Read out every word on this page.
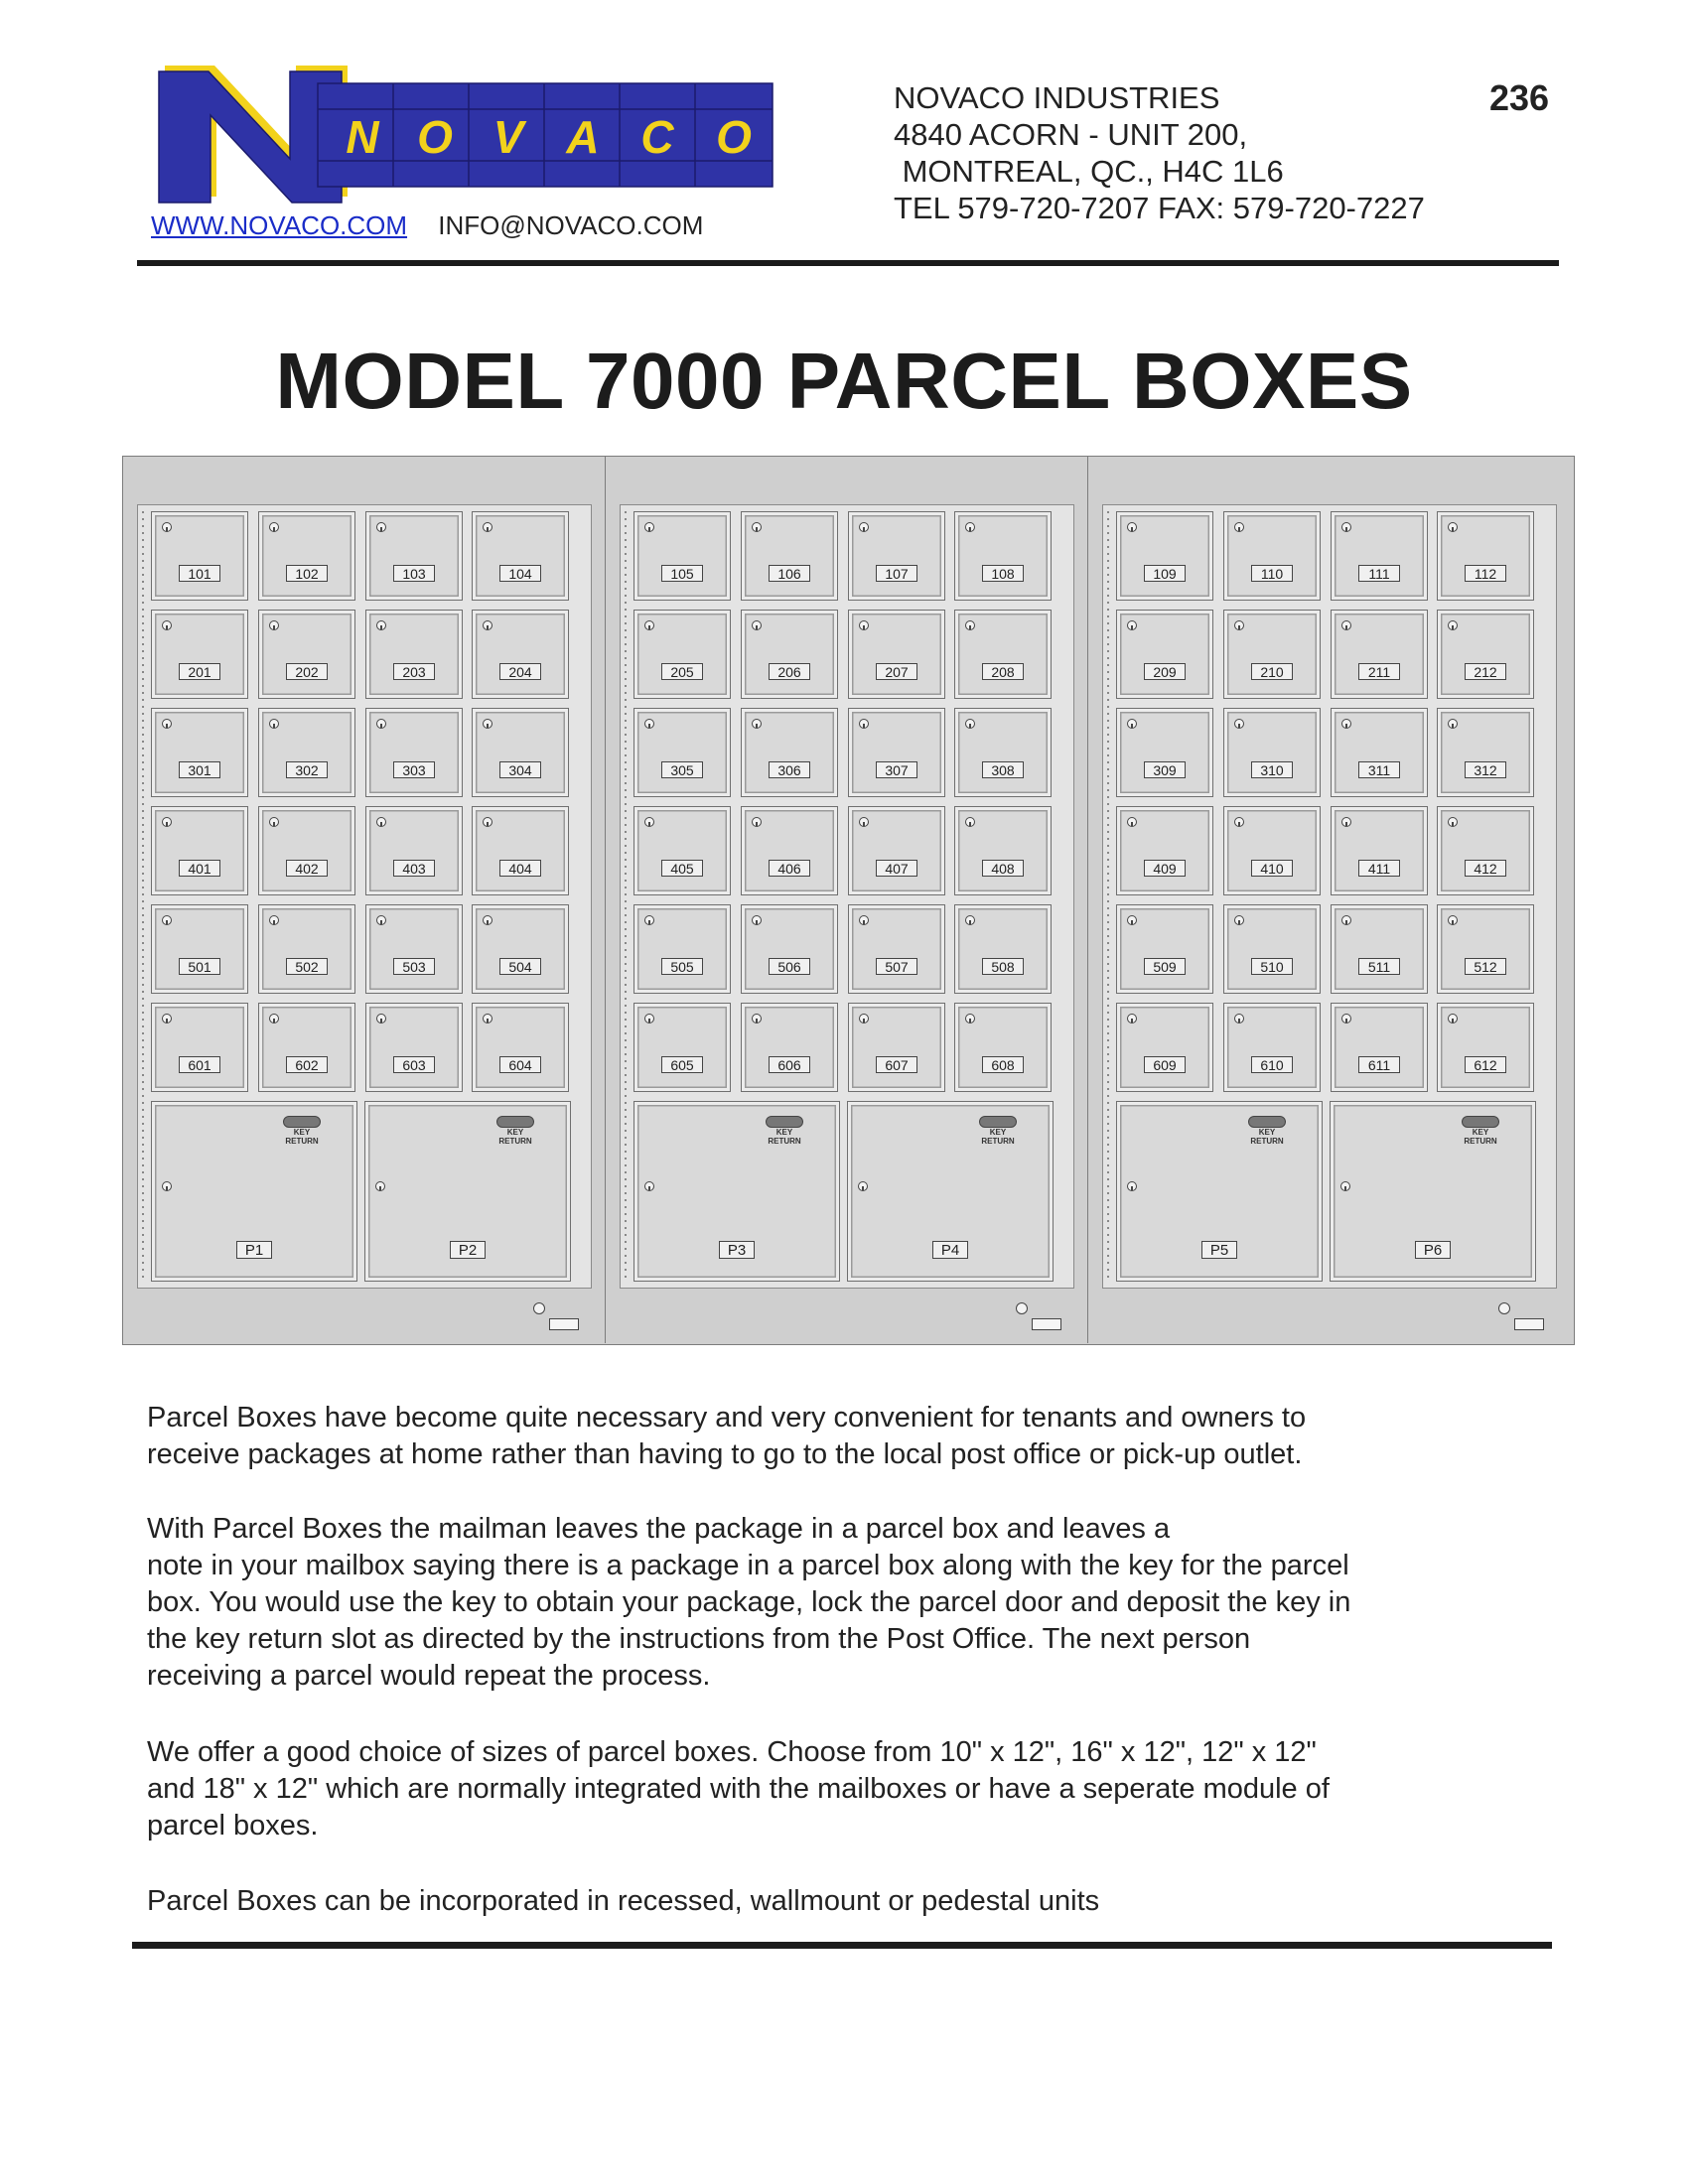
N N O V A C O
WWW.NOVACO.COM INFO@NOVACO.COM
NOVACO INDUSTRIES
4840 ACORN - UNIT 200,
MONTREAL, QC., H4C 1L6
TEL 579-720-7207 FAX: 579-720-7227
236
MODEL 7000 PARCEL BOXES
101	102	103	104
201	202	203	204
301	302	303	304
401	402	403	404
501	502	503	504
601	602	603	604
KEY
RETURN
P1
KEY
RETURN
P2
105	106	107	108
205	206	207	208
305	306	307	308
405	406	407	408
505	506	507	508
605	606	607	608
KEY
RETURN
P3
KEY
RETURN
P4
109	110	111	112
209	210	211	212
309	310	311	312
409	410	411	412
509	510	511	512
609	610	611	612
KEY
RETURN
P5
KEY
RETURN
P6
Parcel Boxes have become quite necessary and very convenient for tenants and owners to
receive packages at home rather than having to go to the local post office or pick-up outlet.
With Parcel Boxes the mailman leaves the package in a parcel box and leaves a
note in your mailbox saying there is a package in a parcel box along with the key for the parcel
box. You would use the key to obtain your package, lock the parcel door and deposit the key in
the key return slot as directed by the instructions from the Post Office. The next person
receiving a parcel would repeat the process.
We offer a good choice of sizes of parcel boxes. Choose from 10" x 12", 16" x 12", 12" x 12"
and 18" x 12" which are normally integrated with the mailboxes or have a seperate module of
parcel boxes.
Parcel Boxes can be incorporated in recessed, wallmount or pedestal units
